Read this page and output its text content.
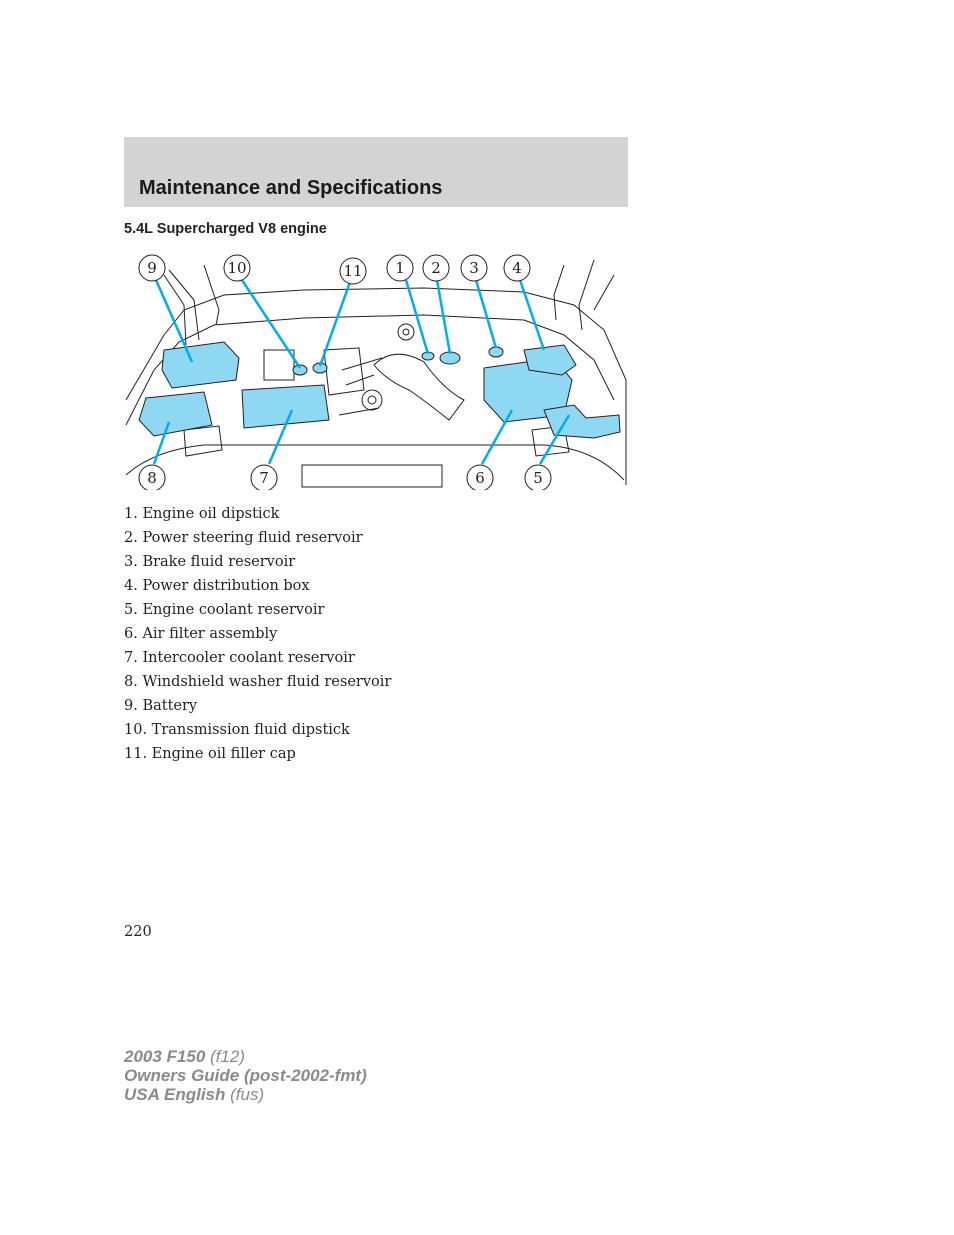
Maintenance and Specifications
5.4L Supercharged V8 engine
1 2 3 4
5
6
7
8
9	10	11
1. Engine oil dipstick
2. Power steering fluid reservoir
3. Brake fluid reservoir
4. Power distribution box
5. Engine coolant reservoir
6. Air filter assembly
7. Intercooler coolant reservoir
8. Windshield washer fluid reservoir
9. Battery
10. Transmission fluid dipstick
11. Engine oil filler cap
220
2003 F150 (f12)
Owners Guide (post-2002-fmt)
USA English (fus)
